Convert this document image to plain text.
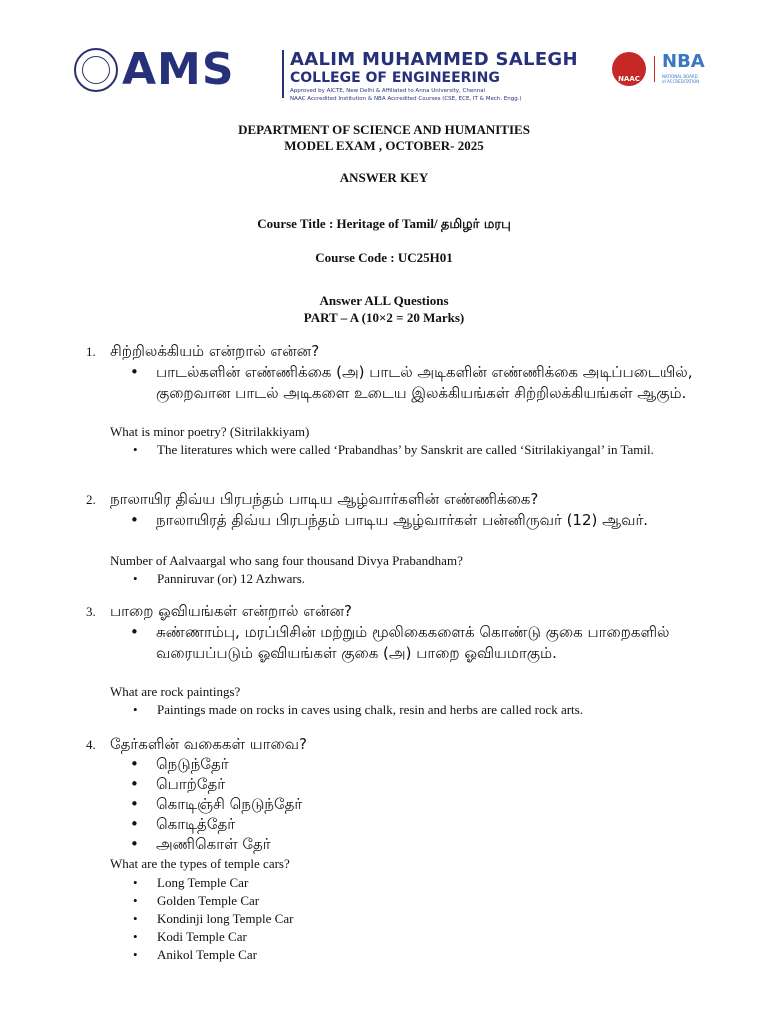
AMS	AALIM MUHAMMED SALEGH
COLLEGE OF ENGINEERING
Approved by AICTE, New Delhi & Affiliated to Anna University, Chennai
NAAC Accredited Institution & NBA Accredited Courses (CSE, ECE, IT & Mech. Engg.)
NAAC
NBA
NATIONAL BOARD of ACCREDITATION
DEPARTMENT OF SCIENCE AND HUMANITIES
MODEL EXAM , OCTOBER- 2025
ANSWER KEY
Course Title : Heritage of Tamil/ தமிழர் மரபு
Course Code : UC25H01
Answer ALL Questions
PART – A (10×2 = 20 Marks)
1. சிற்றிலக்கியம் என்றால் என்ன?
•	பாடல்களின் எண்ணிக்கை (அ) பாடல் அடிகளின் எண்ணிக்கை அடிப்படையில், குறைவான பாடல் அடிகளை உடைய இலக்கியங்கள் சிற்றிலக்கியங்கள் ஆகும்.
What is minor poetry? (Sitrilakkiyam)
•	The literatures which were called ‘Prabandhas’ by Sanskrit are called ‘Sitrilakiyangal’ in Tamil.
2. நாலாயிர திவ்ய பிரபந்தம் பாடிய ஆழ்வார்களின் எண்ணிக்கை?
•	நாலாயிரத் திவ்ய பிரபந்தம் பாடிய ஆழ்வார்கள் பன்னிருவர் (12) ஆவர்.
Number of Aalvaargal who sang four thousand Divya Prabandham?
•	Panniruvar (or) 12 Azhwars.
3. பாறை ஓவியங்கள் என்றால் என்ன?
•	சுண்ணாம்பு, மரப்பிசின் மற்றும் மூலிகைகளைக் கொண்டு குகை பாறைகளில் வரையப்படும் ஓவியங்கள் குகை (அ) பாறை ஓவியமாகும்.
What are rock paintings?
•	Paintings made on rocks in caves using chalk, resin and herbs are called rock arts.
4. தேர்களின் வகைகள் யாவை?
•	நெடுந்தேர்
•	பொற்தேர்
•	கொடிஞ்சி நெடுந்தேர்
•	கொடித்தேர்
•	அணிகொள் தேர்
What are the types of temple cars?
•	Long Temple Car
•	Golden Temple Car
•	Kondinji long Temple Car
•	Kodi Temple Car
•	Anikol Temple Car
